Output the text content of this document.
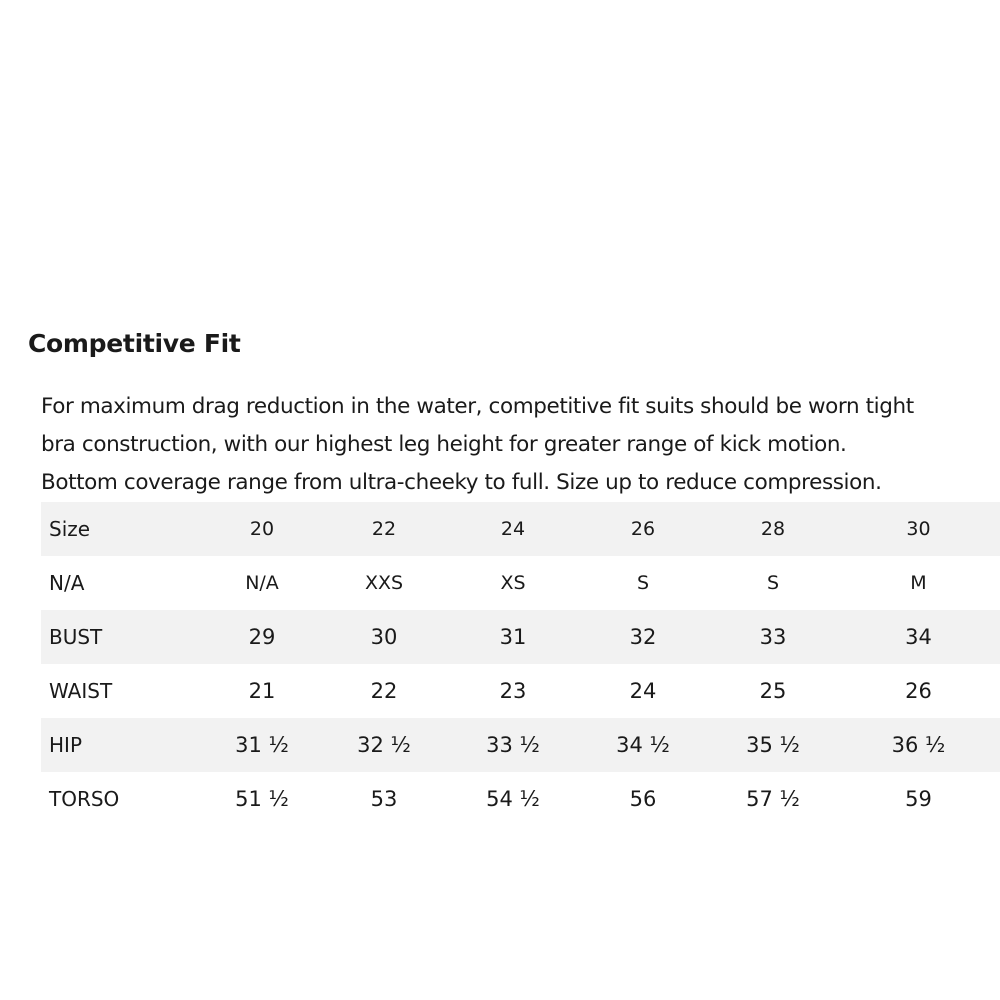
Competitive Fit
For maximum drag reduction in the water, competitive fit suits should be worn tight
bra construction, with our highest leg height for greater range of kick motion.
Bottom coverage range from ultra-cheeky to full. Size up to reduce compression.
Size	20	22	24	26	28	30
N/A	N/A	XXS	XS	S	S	M
BUST	29	30	31	32	33	34
WAIST	21	22	23	24	25	26
HIP	31 ½	32 ½	33 ½	34 ½	35 ½	36 ½
TORSO	51 ½	53	54 ½	56	57 ½	59
